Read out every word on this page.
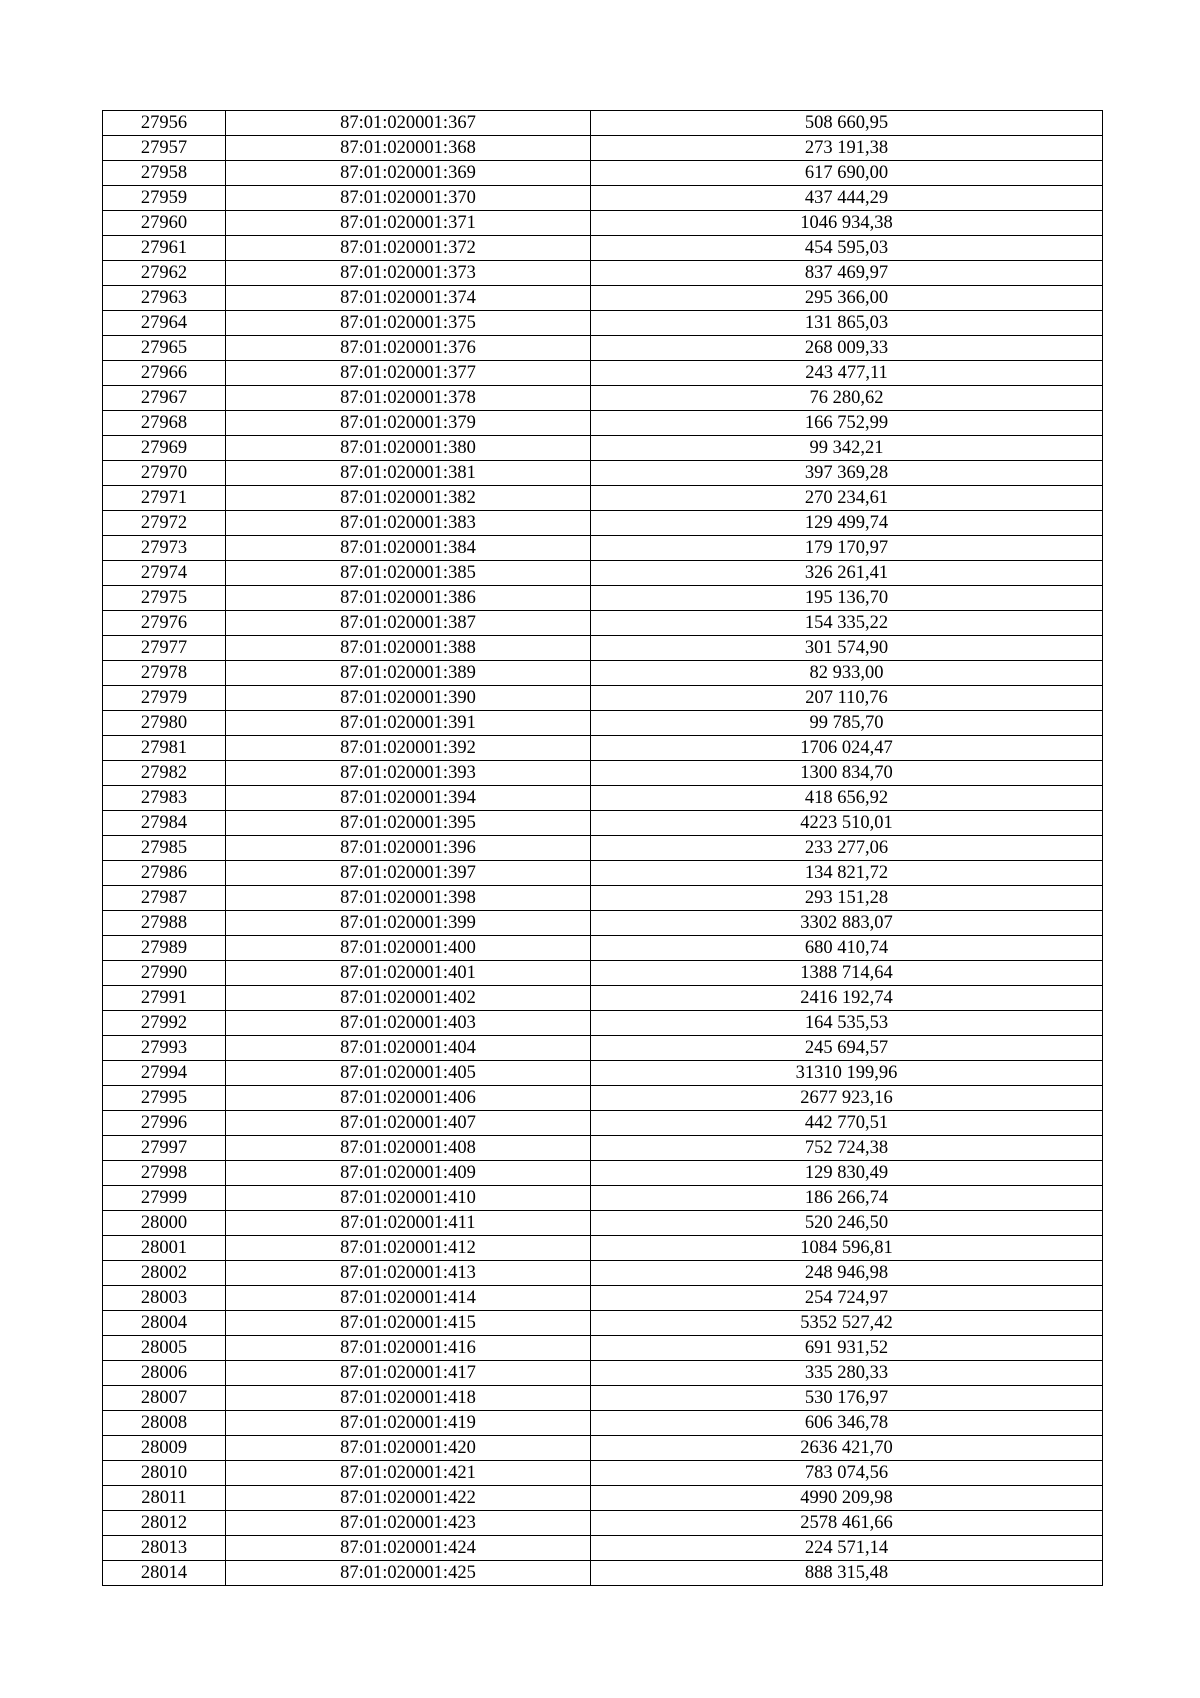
27956	87:01:020001:367	508 660,95
27957	87:01:020001:368	273 191,38
27958	87:01:020001:369	617 690,00
27959	87:01:020001:370	437 444,29
27960	87:01:020001:371	1046 934,38
27961	87:01:020001:372	454 595,03
27962	87:01:020001:373	837 469,97
27963	87:01:020001:374	295 366,00
27964	87:01:020001:375	131 865,03
27965	87:01:020001:376	268 009,33
27966	87:01:020001:377	243 477,11
27967	87:01:020001:378	76 280,62
27968	87:01:020001:379	166 752,99
27969	87:01:020001:380	99 342,21
27970	87:01:020001:381	397 369,28
27971	87:01:020001:382	270 234,61
27972	87:01:020001:383	129 499,74
27973	87:01:020001:384	179 170,97
27974	87:01:020001:385	326 261,41
27975	87:01:020001:386	195 136,70
27976	87:01:020001:387	154 335,22
27977	87:01:020001:388	301 574,90
27978	87:01:020001:389	82 933,00
27979	87:01:020001:390	207 110,76
27980	87:01:020001:391	99 785,70
27981	87:01:020001:392	1706 024,47
27982	87:01:020001:393	1300 834,70
27983	87:01:020001:394	418 656,92
27984	87:01:020001:395	4223 510,01
27985	87:01:020001:396	233 277,06
27986	87:01:020001:397	134 821,72
27987	87:01:020001:398	293 151,28
27988	87:01:020001:399	3302 883,07
27989	87:01:020001:400	680 410,74
27990	87:01:020001:401	1388 714,64
27991	87:01:020001:402	2416 192,74
27992	87:01:020001:403	164 535,53
27993	87:01:020001:404	245 694,57
27994	87:01:020001:405	31310 199,96
27995	87:01:020001:406	2677 923,16
27996	87:01:020001:407	442 770,51
27997	87:01:020001:408	752 724,38
27998	87:01:020001:409	129 830,49
27999	87:01:020001:410	186 266,74
28000	87:01:020001:411	520 246,50
28001	87:01:020001:412	1084 596,81
28002	87:01:020001:413	248 946,98
28003	87:01:020001:414	254 724,97
28004	87:01:020001:415	5352 527,42
28005	87:01:020001:416	691 931,52
28006	87:01:020001:417	335 280,33
28007	87:01:020001:418	530 176,97
28008	87:01:020001:419	606 346,78
28009	87:01:020001:420	2636 421,70
28010	87:01:020001:421	783 074,56
28011	87:01:020001:422	4990 209,98
28012	87:01:020001:423	2578 461,66
28013	87:01:020001:424	224 571,14
28014	87:01:020001:425	888 315,48
